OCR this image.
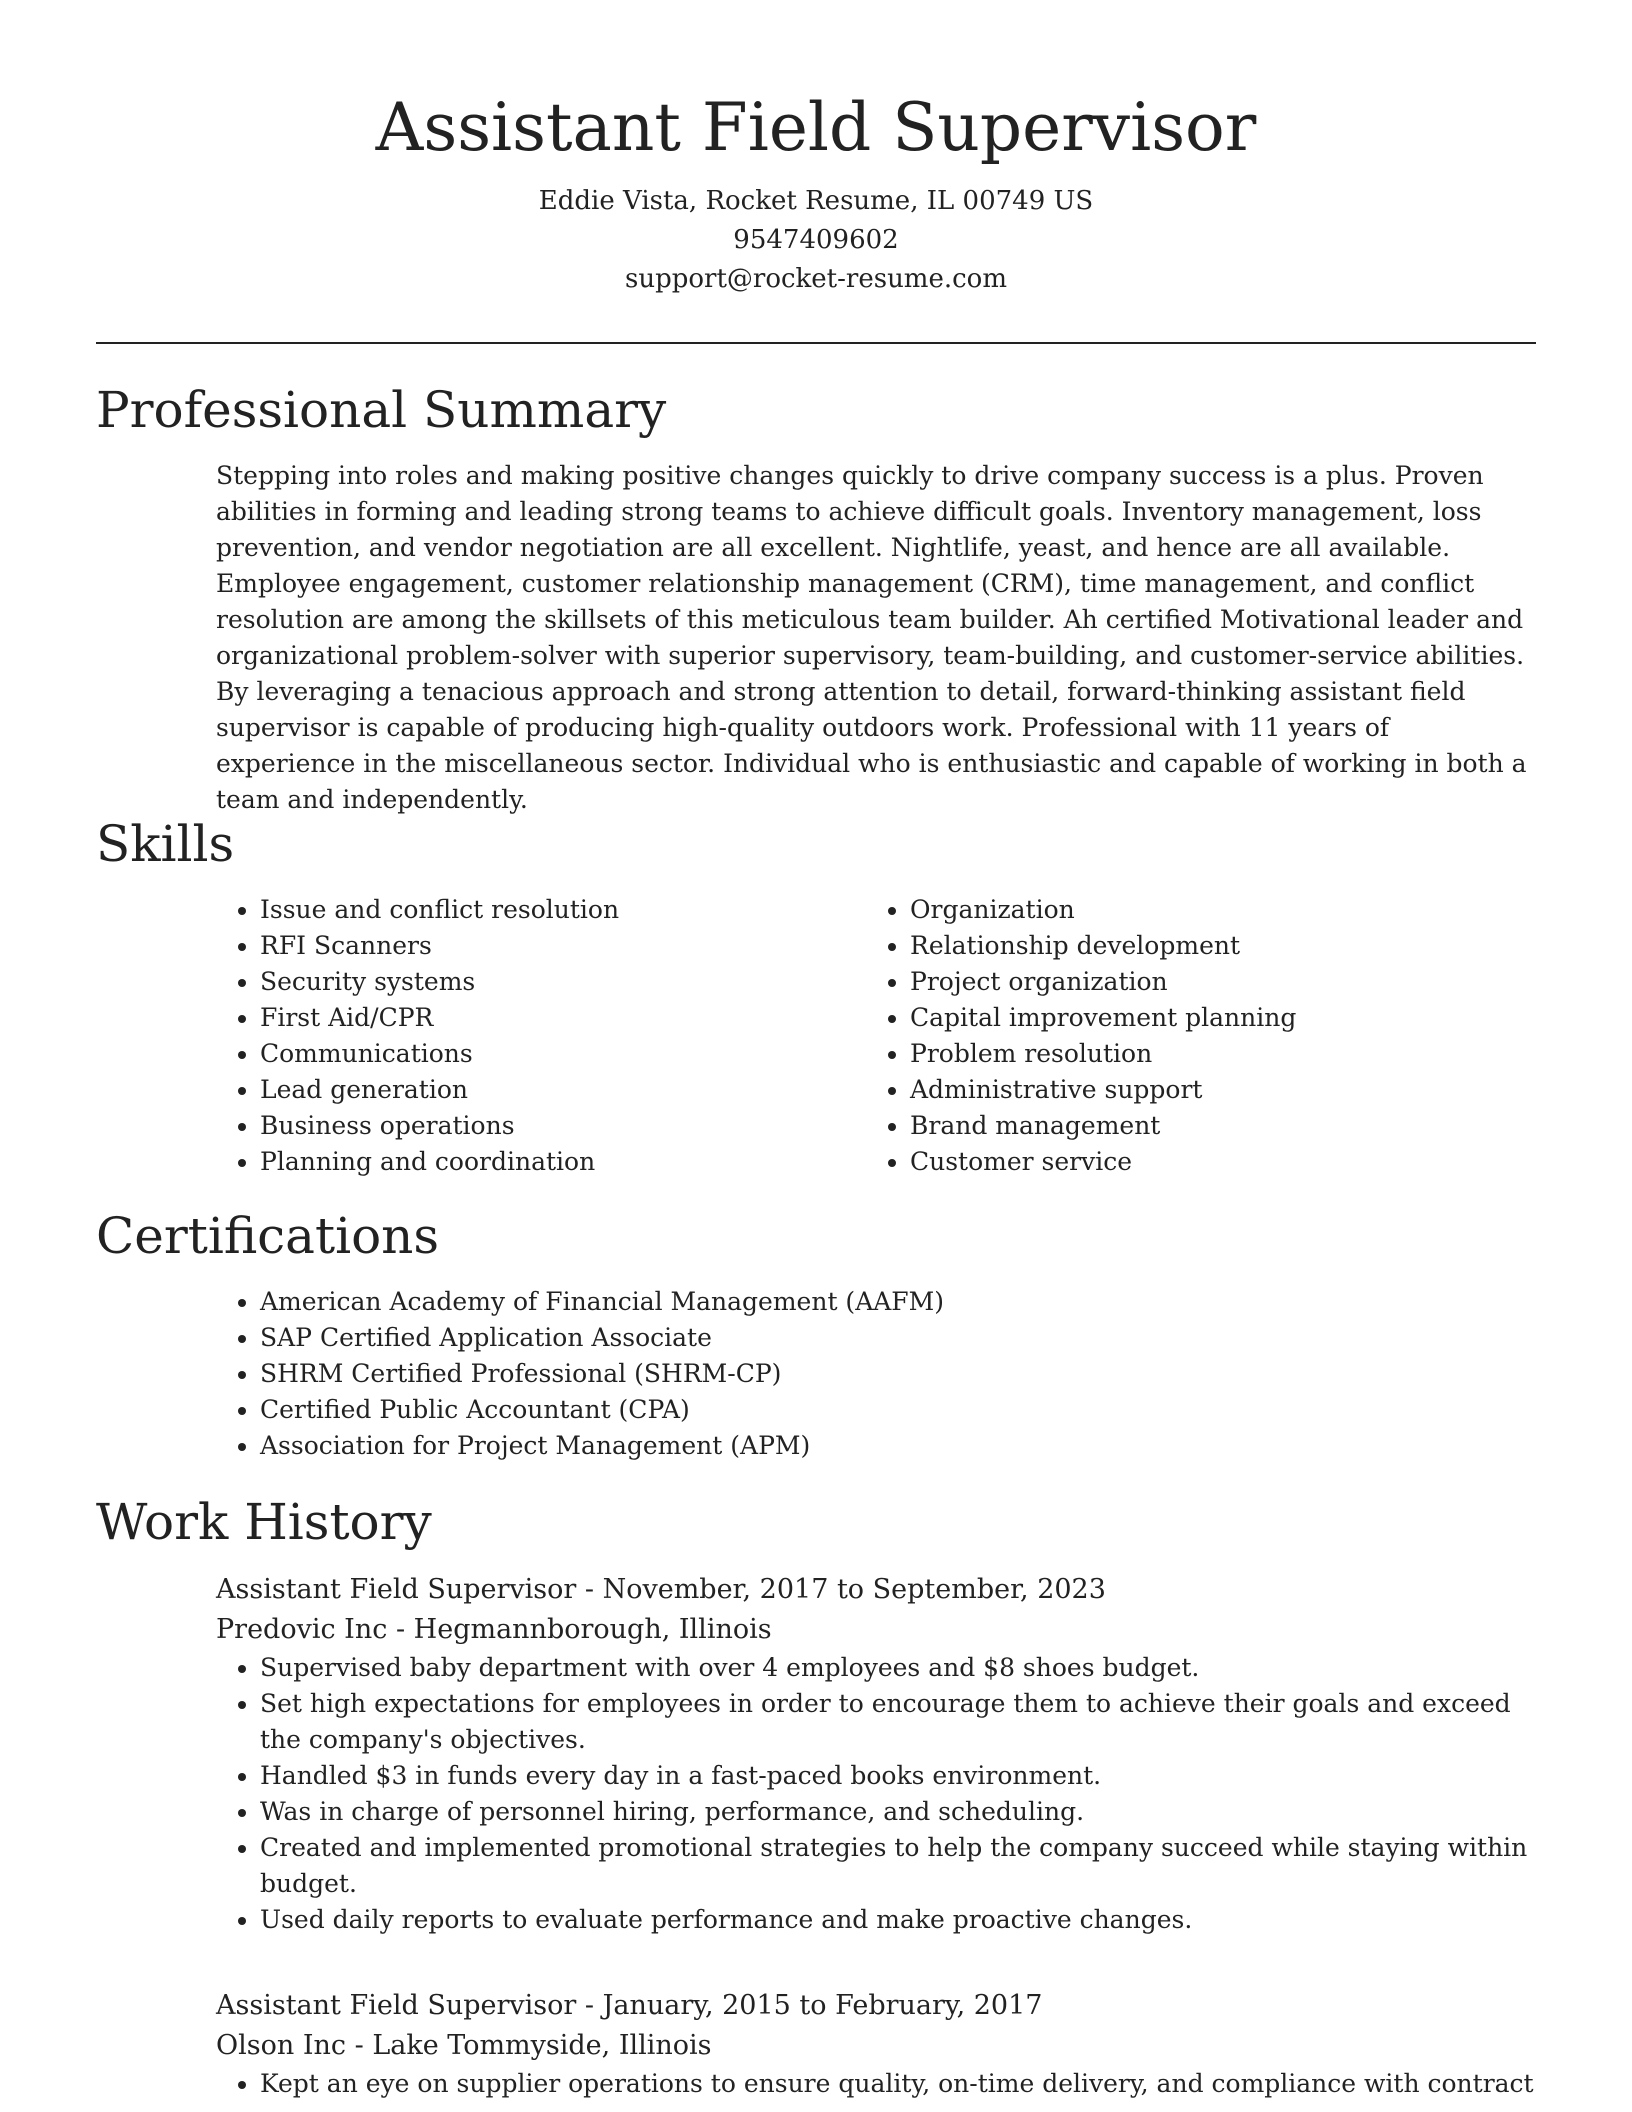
Assistant Field Supervisor

Eddie Vista, Rocket Resume, IL 00749 US

9547409602

support@rocket-resume.com

Professional Summary

Stepping into roles and making positive changes quickly to drive company success is a plus. Proven abilities in forming and leading strong teams to achieve difficult goals. Inventory management, loss prevention, and vendor negotiation are all excellent. Nightlife, yeast, and hence are all available. Employee engagement, customer relationship management (CRM), time management, and conflict resolution are among the skillsets of this meticulous team builder. Ah certified Motivational leader and organizational problem-solver with superior supervisory, team-building, and customer-service abilities. By leveraging a tenacious approach and strong attention to detail, forward-thinking assistant field supervisor is capable of producing high-quality outdoors work. Professional with 11 years of experience in the miscellaneous sector. Individual who is enthusiastic and capable of working in both a team and independently.

Skills
• Issue and conflict resolution
• RFI Scanners
• Security systems
• First Aid/CPR
• Communications
• Lead generation
• Business operations
• Planning and coordination
• Organization
• Relationship development
• Project organization
• Capital improvement planning
• Problem resolution
• Administrative support
• Brand management
• Customer service
Certifications
• American Academy of Financial Management (AAFM)
• SAP Certified Application Associate
• SHRM Certified Professional (SHRM-CP)
• Certified Public Accountant (CPA)
• Association for Project Management (APM)
Work History

Assistant Field Supervisor - November, 2017 to September, 2023

Predovic Inc - Hegmannborough, Illinois

• Supervised baby department with over 4 employees and $8 shoes budget.
• Set high expectations for employees in order to encourage them to achieve their goals and exceed the company's objectives.
• Handled $3 in funds every day in a fast-paced books environment.
• Was in charge of personnel hiring, performance, and scheduling.
• Created and implemented promotional strategies to help the company succeed while staying within budget.
• Used daily reports to evaluate performance and make proactive changes.

Assistant Field Supervisor - January, 2015 to February, 2017

Olson Inc - Lake Tommyside, Illinois

• Kept an eye on supplier operations to ensure quality, on-time delivery, and compliance with contract
